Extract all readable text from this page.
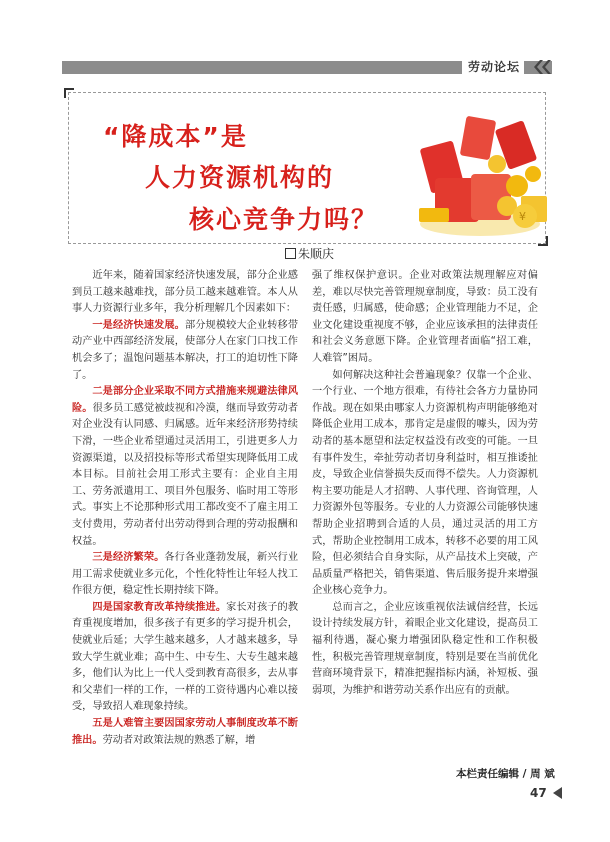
劳动论坛
“降成本”是
人力资源机构的
核心竞争力吗？	¥
朱顺庆

近年来，随着国家经济快速发展，部分企业感到员工越来越难找，部分员工越来越难管。本人从事人力资源行业多年，我分析理解几个因素如下：

一是经济快速发展。部分规模较大企业转移带动产业中西部经济发展，使部分人在家门口找工作机会多了；温饱问题基本解决，打工的迫切性下降了。

二是部分企业采取不同方式措施来规避法律风险。很多员工感觉被歧视和冷漠，继而导致劳动者对企业没有认同感、归属感。近年来经济形势持续下滑，一些企业希望通过灵活用工，引进更多人力资源渠道，以及招投标等形式希望实现降低用工成本目标。目前社会用工形式主要有：企业自主用工、劳务派遣用工、项目外包服务、临时用工等形式。事实上不论那种形式用工都改变不了雇主用工支付费用，劳动者付出劳动得到合理的劳动报酬和权益。

三是经济繁荣。各行各业蓬勃发展，新兴行业用工需求使就业多元化，个性化特性让年轻人找工作很方便，稳定性长期持续下降。

四是国家教育改革持续推进。家长对孩子的教育重视度增加，很多孩子有更多的学习提升机会，使就业后延；大学生越来越多，人才越来越多，导致大学生就业难；高中生、中专生、大专生越来越多，他们认为比上一代人受到教育高很多，去从事和父辈们一样的工作，一样的工资待遇内心难以接受，导致招人难现象持续。

五是人难管主要因国家劳动人事制度改革不断推出。劳动者对政策法规的熟悉了解，增

强了维权保护意识。企业对政策法规理解应对偏差，难以尽快完善管理规章制度，导致：员工没有责任感，归属感，使命感；企业管理能力不足，企业文化建设重视度不够，企业应该承担的法律责任和社会义务意愿下降。企业管理者面临“招工难，人难管”困局。

如何解决这种社会普遍现象？仅靠一个企业、一个行业、一个地方很难，有待社会各方力量协同作战。现在如果由哪家人力资源机构声明能够绝对降低企业用工成本，那肯定是虚假的噱头，因为劳动者的基本愿望和法定权益没有改变的可能。一旦有事件发生，牵扯劳动者切身利益时，相互推诿扯皮，导致企业信誉损失反而得不偿失。人力资源机构主要功能是人才招聘、人事代理、咨询管理，人力资源外包等服务。专业的人力资源公司能够快速帮助企业招聘到合适的人员，通过灵活的用工方式，帮助企业控制用工成本，转移不必要的用工风险，但必须结合自身实际，从产品技术上突破，产品质量严格把关，销售渠道、售后服务提升来增强企业核心竞争力。

总而言之，企业应该重视依法诚信经营，长远设计持续发展方针，着眼企业文化建设，提高员工福利待遇，凝心聚力增强团队稳定性和工作积极性，积极完善管理规章制度，特别是要在当前优化营商环境背景下，精准把握指标内涵，补短板、强弱项，为维护和谐劳动关系作出应有的贡献。

本栏责任编辑 / 周 斌
47
